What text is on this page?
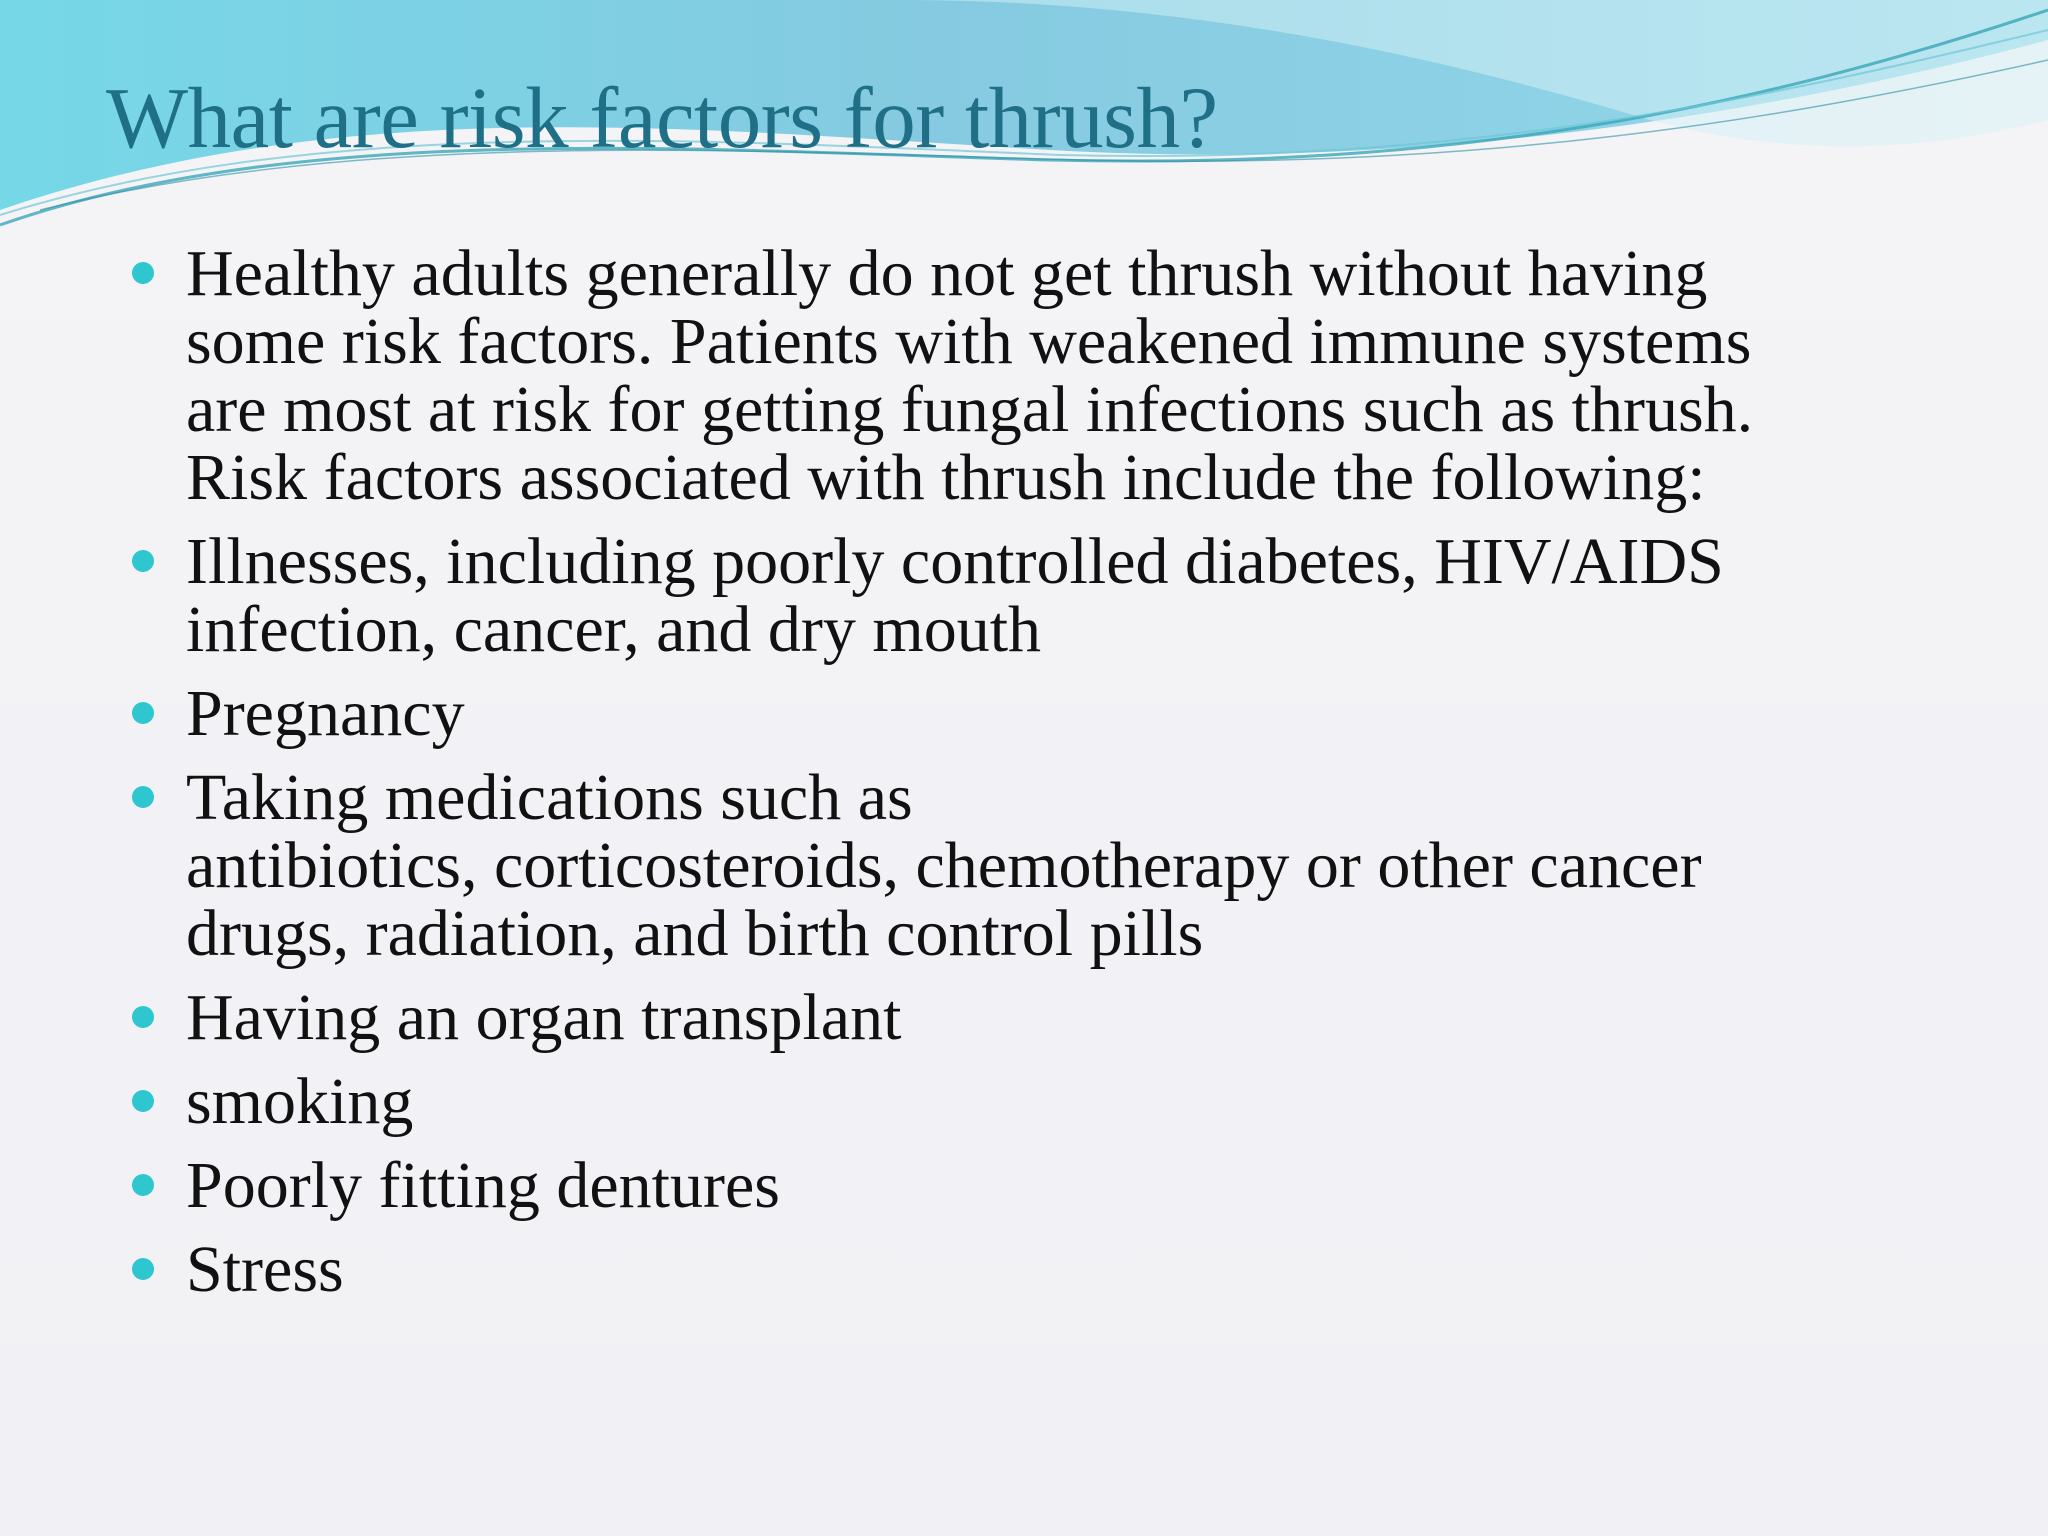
What are risk factors for thrush?
Healthy adults generally do not get thrush without having
some risk factors. Patients with weakened immune systems
are most at risk for getting fungal infections such as thrush.
Risk factors associated with thrush include the following:
Illnesses, including poorly controlled diabetes, HIV/AIDS
infection, cancer, and dry mouth
Pregnancy
Taking medications such as
antibiotics, corticosteroids, chemotherapy or other cancer
drugs, radiation, and birth control pills
Having an organ transplant
smoking
Poorly fitting dentures
Stress
